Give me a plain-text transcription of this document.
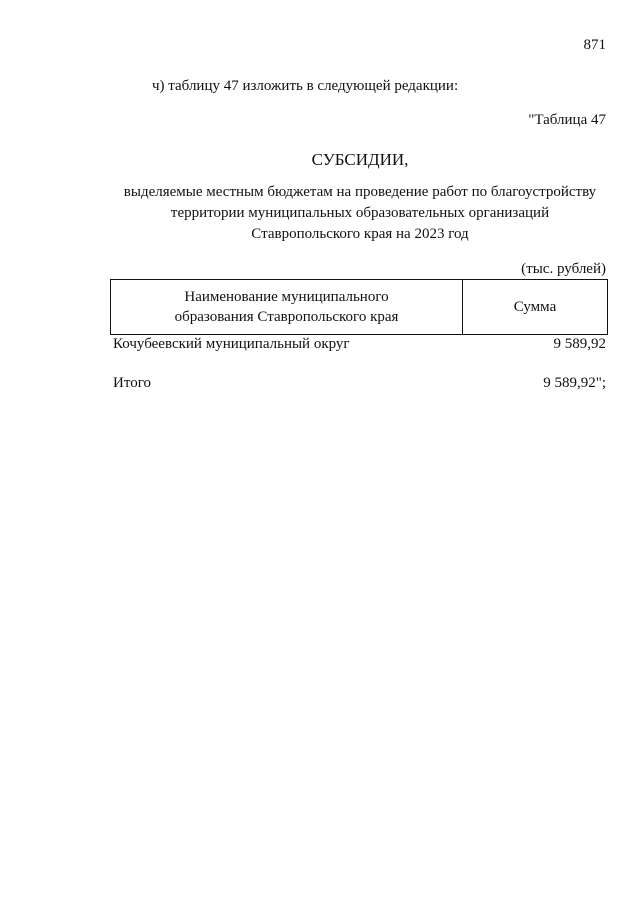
871
ч) таблицу 47 изложить в следующей редакции:
"Таблица 47
СУБСИДИИ,
выделяемые местным бюджетам на проведение работ по благоустройству
территории муниципальных образовательных организаций
Ставропольского края на 2023 год
(тыс. рублей)
Наименование муниципального
образования Ставропольского края
Сумма
Кочубеевский муниципальный округ	9 589,92
Итого	9 589,92";
